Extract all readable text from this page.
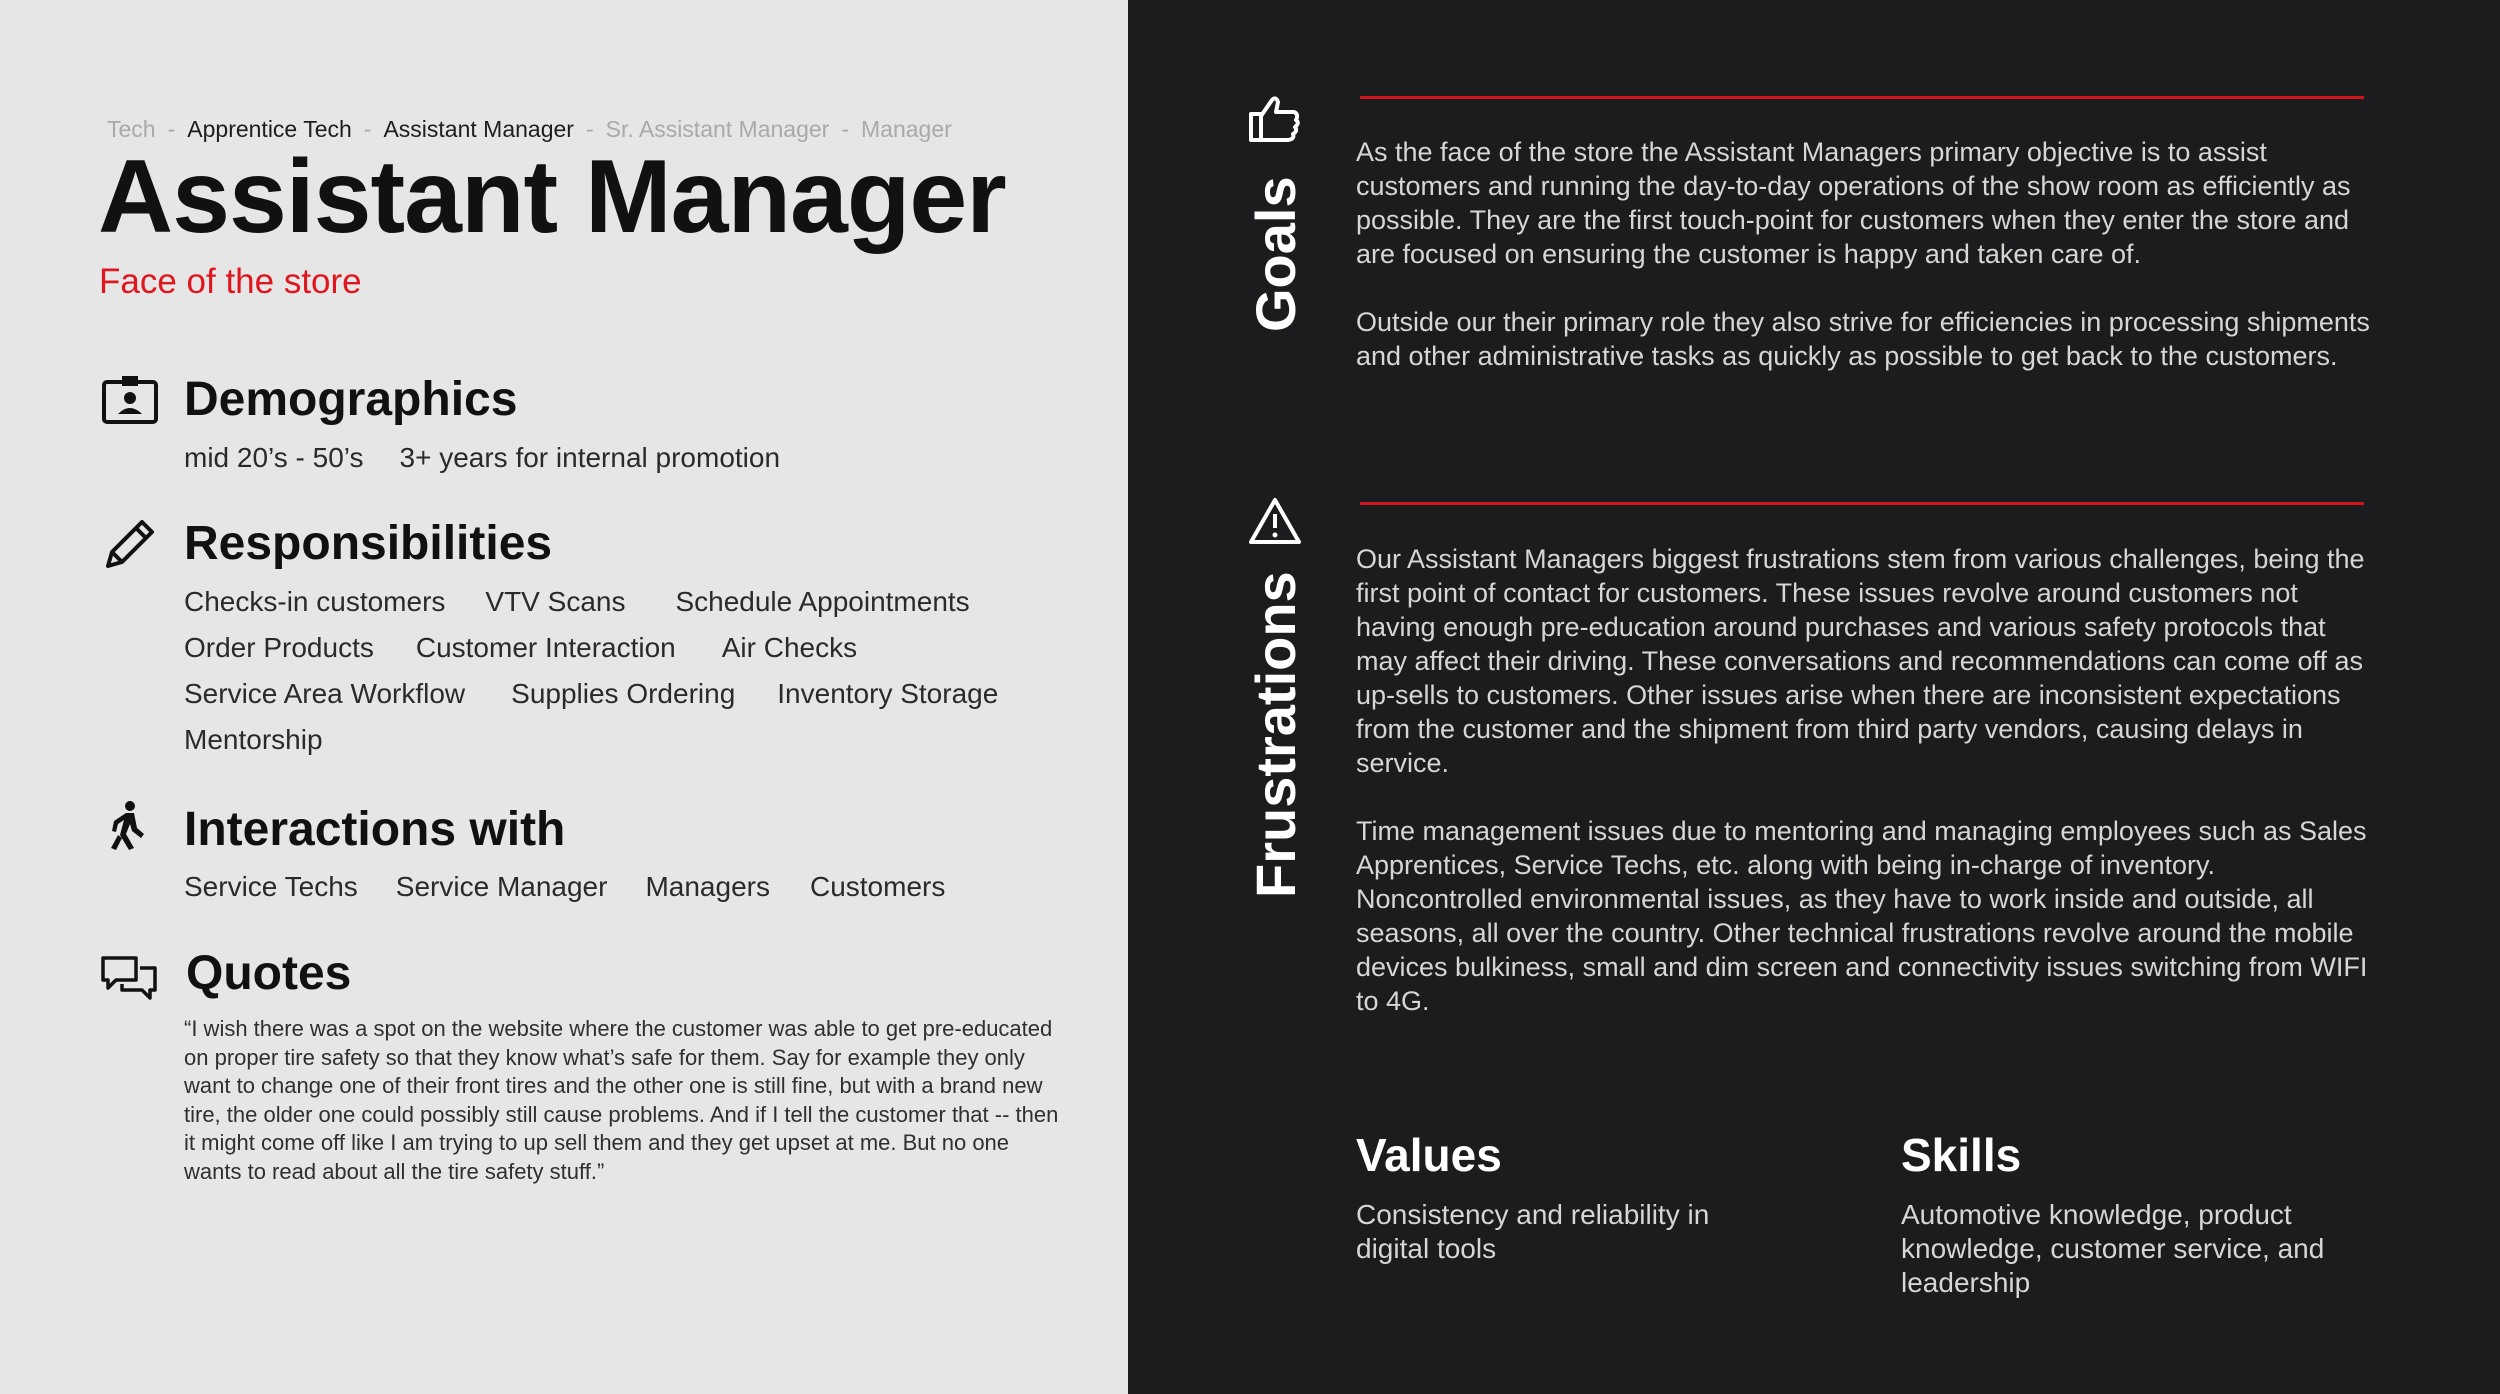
Tech - Apprentice Tech - Assistant Manager - Sr. Assistant Manager - Manager
Assistant Manager
Face of the store
Demographics
mid 20’s - 50’s 3+ years for internal promotion
Responsibilities
Checks-in customers VTV Scans Schedule Appointments
Order Products Customer Interaction Air Checks
Service Area Workflow Supplies Ordering Inventory Storage
Mentorship
Interactions with
Service Techs Service Manager Managers Customers
Quotes
“I wish there was a spot on the website where the customer was able to get pre-educated on proper tire safety so that they know what’s safe for them. Say for example they only want to change one of their front tires and the other one is still fine, but with a brand new tire, the older one could possibly still cause problems. And if I tell the customer that -- then it might come off like I am trying to up sell them and they get upset at me. But no one wants to read about all the tire safety stuff.”
Goals

As the face of the store the Assistant Managers primary objective is to assist customers and running the day-to-day operations of the show room as efficiently as possible. They are the first touch-point for customers when they enter the store and are focused on ensuring the customer is happy and taken care of.

Outside our their primary role they also strive for efficiencies in processing shipments and other administrative tasks as quickly as possible to get back to the customers.

Frustrations

Our Assistant Managers biggest frustrations stem from various challenges, being the first point of contact for customers. These issues revolve around customers not having enough pre-education around purchases and various safety protocols that may affect their driving. These conversations and recommendations can come off as up-sells to customers. Other issues arise when there are inconsistent expectations from the customer and the shipment from third party vendors, causing delays in service.

Time management issues due to mentoring and managing employees such as Sales Apprentices, Service Techs, etc. along with being in-charge of inventory. Noncontrolled environmental issues, as they have to work inside and outside, all seasons, all over the country. Other technical frustrations revolve around the mobile devices bulkiness, small and dim screen and connectivity issues switching from WIFI to 4G.

Values
Consistency and reliability in digital tools
Skills
Automotive knowledge, product knowledge, customer service, and leadership
